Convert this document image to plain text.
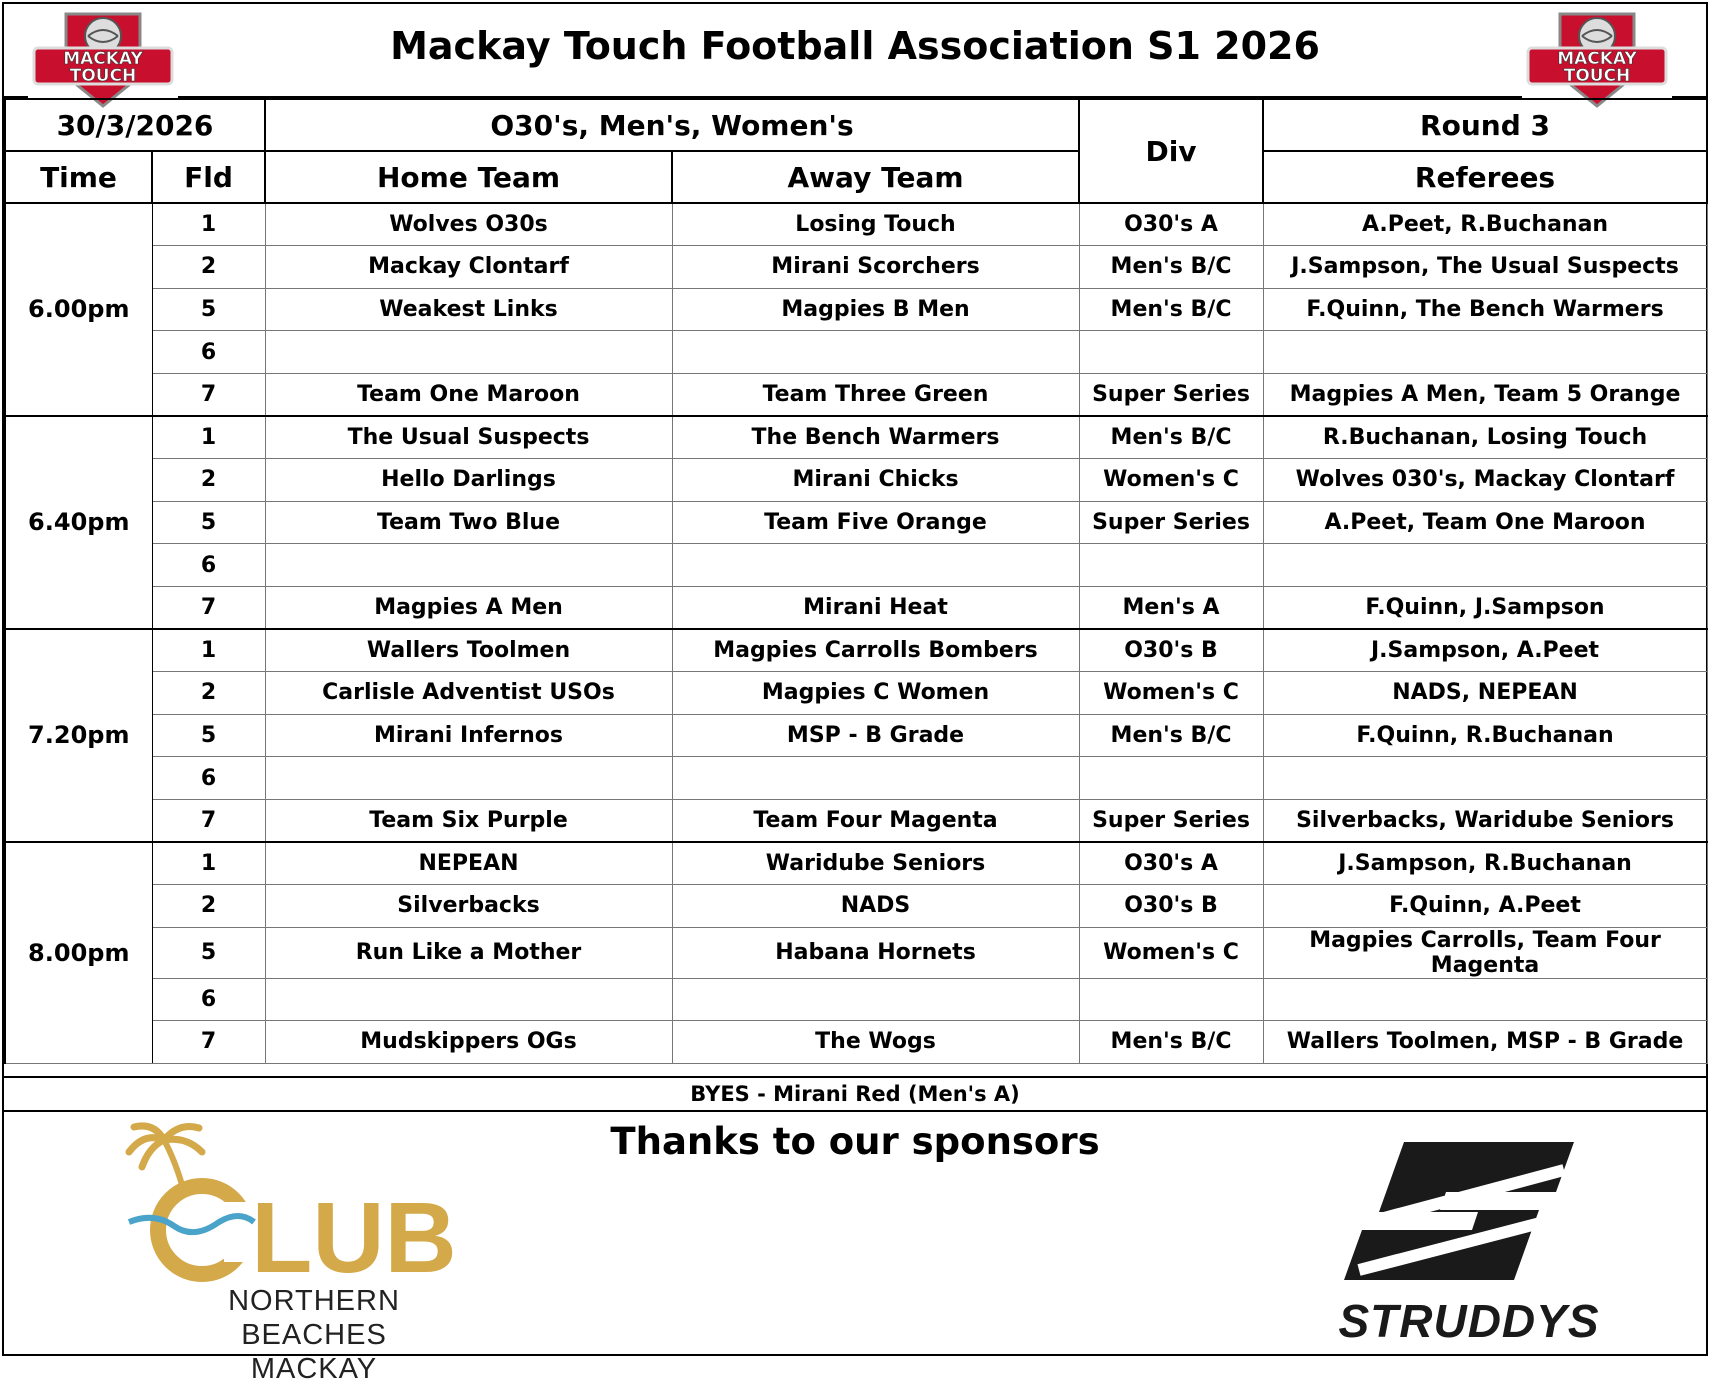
Mackay Touch Football Association S1 2026
MACKAY
TOUCH
MACKAY
TOUCH
30/3/2026		O30's, Men's, Women's		Div	Round 3
Time	Fld	Home Team	Away Team		Referees
6.00pm	1	Wolves O30s	Losing Touch	O30's A	A.Peet, R.Buchanan
	2	Mackay Clontarf	Mirani Scorchers	Men's B/C	J.Sampson, The Usual Suspects
	5	Weakest Links	Magpies B Men	Men's B/C	F.Quinn, The Bench Warmers
	6				
	7	Team One Maroon	Team Three Green	Super Series	Magpies A Men, Team 5 Orange
6.40pm	1	The Usual Suspects	The Bench Warmers	Men's B/C	R.Buchanan, Losing Touch
	2	Hello Darlings	Mirani Chicks	Women's C	Wolves 030's, Mackay Clontarf
	5	Team Two Blue	Team Five Orange	Super Series	A.Peet, Team One Maroon
	6				
	7	Magpies A Men	Mirani Heat	Men's A	F.Quinn, J.Sampson
7.20pm	1	Wallers Toolmen	Magpies Carrolls Bombers	O30's B	J.Sampson, A.Peet
	2	Carlisle Adventist USOs	Magpies C Women	Women's C	NADS, NEPEAN
	5	Mirani Infernos	MSP - B Grade	Men's B/C	F.Quinn, R.Buchanan
	6				
	7	Team Six Purple	Team Four Magenta	Super Series	Silverbacks, Waridube Seniors
8.00pm	1	NEPEAN	Waridube Seniors	O30's A	J.Sampson, R.Buchanan
	2	Silverbacks	NADS	O30's B	F.Quinn, A.Peet
	5	Run Like a Mother	Habana Hornets	Women's C	Magpies Carrolls, Team Four Magenta
	6				
	7	Mudskippers OGs	The Wogs	Men's B/C	Wallers Toolmen, MSP - B Grade
BYES - Mirani Red (Men's A)
Thanks to our sponsors
LUB
NORTHERN BEACHES
MACKAY
STRUDDYS
